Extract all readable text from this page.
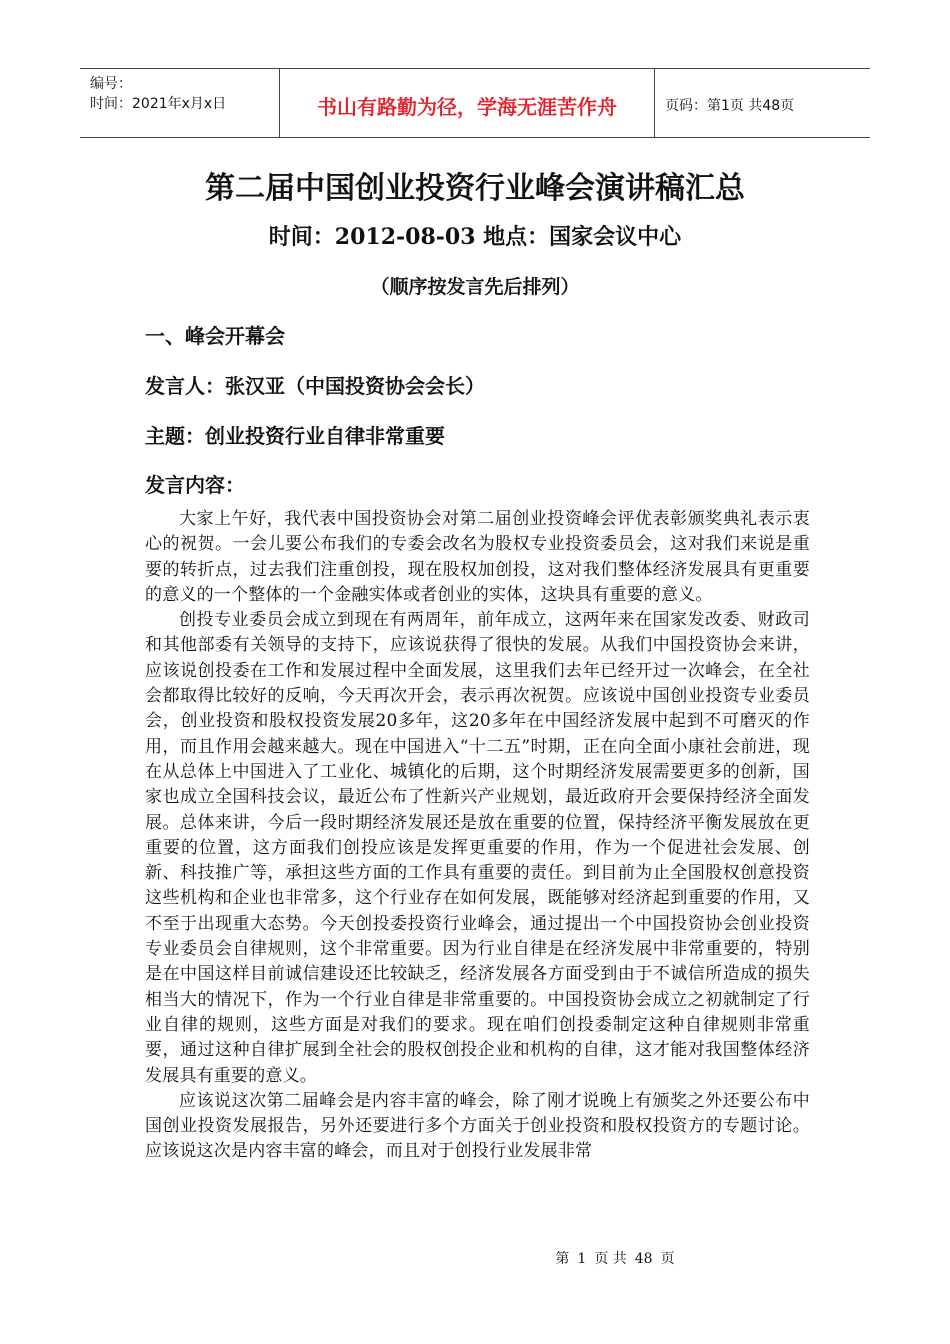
编号：
时间：2021年x月x日	书山有路勤为径，学海无涯苦作舟	页码：第1页 共48页
第二届中国创业投资行业峰会演讲稿汇总
时间：2012-08-03 地点：国家会议中心
（顺序按发言先后排列）
一、峰会开幕会
发言人：张汉亚（中国投资协会会长）
主题：创业投资行业自律非常重要
发言内容：

大家上午好，我代表中国投资协会对第二届创业投资峰会评优表彰颁奖典礼表示衷心的祝贺。一会儿要公布我们的专委会改名为股权专业投资委员会，这对我们来说是重要的转折点，过去我们注重创投，现在股权加创投，这对我们整体经济发展具有更重要的意义的一个整体的一个金融实体或者创业的实体，这块具有重要的意义。

创投专业委员会成立到现在有两周年，前年成立，这两年来在国家发改委、财政司和其他部委有关领导的支持下，应该说获得了很快的发展。从我们中国投资协会来讲，应该说创投委在工作和发展过程中全面发展，这里我们去年已经开过一次峰会，在全社会都取得比较好的反响，今天再次开会，表示再次祝贺。应该说中国创业投资专业委员会，创业投资和股权投资发展20多年，这20多年在中国经济发展中起到不可磨灭的作用，而且作用会越来越大。现在中国进入“十二五”时期，正在向全面小康社会前进，现在从总体上中国进入了工业化、城镇化的后期，这个时期经济发展需要更多的创新，国家也成立全国科技会议，最近公布了性新兴产业规划，最近政府开会要保持经济全面发展。总体来讲，今后一段时期经济发展还是放在重要的位置，保持经济平衡发展放在更重要的位置，这方面我们创投应该是发挥更重要的作用，作为一个促进社会发展、创新、科技推广等，承担这些方面的工作具有重要的责任。到目前为止全国股权创意投资这些机构和企业也非常多，这个行业存在如何发展，既能够对经济起到重要的作用，又不至于出现重大态势。今天创投委投资行业峰会，通过提出一个中国投资协会创业投资专业委员会自律规则，这个非常重要。因为行业自律是在经济发展中非常重要的，特别是在中国这样目前诚信建设还比较缺乏，经济发展各方面受到由于不诚信所造成的损失相当大的情况下，作为一个行业自律是非常重要的。中国投资协会成立之初就制定了行业自律的规则，这些方面是对我们的要求。现在咱们创投委制定这种自律规则非常重要，通过这种自律扩展到全社会的股权创投企业和机构的自律，这才能对我国整体经济发展具有重要的意义。

应该说这次第二届峰会是内容丰富的峰会，除了刚才说晚上有颁奖之外还要公布中国创业投资发展报告，另外还要进行多个方面关于创业投资和股权投资方的专题讨论。应该说这次是内容丰富的峰会，而且对于创投行业发展非常

第 1 页 共 48 页
